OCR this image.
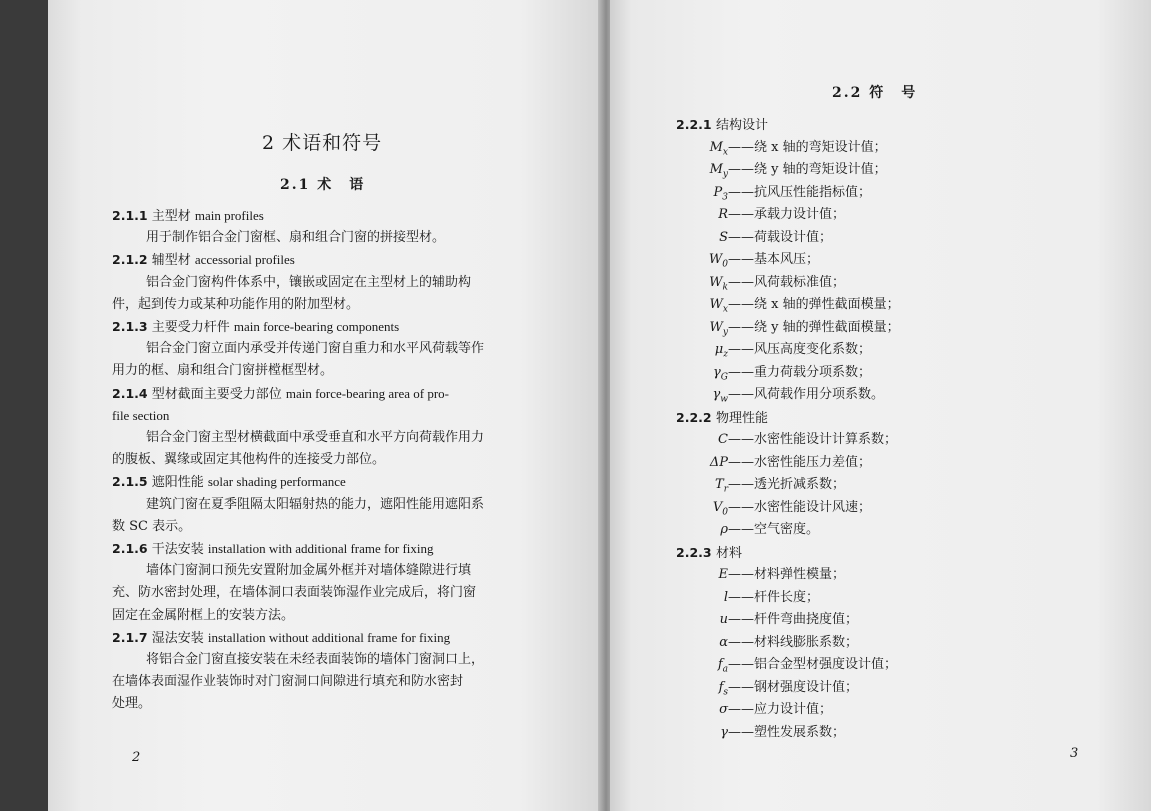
2 术语和符号
2.1 术　语
2.1.1 主型材 main profiles
用于制作铝合金门窗框、扇和组合门窗的拼接型材。
2.1.2 辅型材 accessorial profiles
铝合金门窗构件体系中，镶嵌或固定在主型材上的辅助构
件，起到传力或某种功能作用的附加型材。
2.1.3 主要受力杆件 main force-bearing components
铝合金门窗立面内承受并传递门窗自重力和水平风荷载等作
用力的框、扇和组合门窗拼樘框型材。
2.1.4 型材截面主要受力部位 main force-bearing area of pro-
file section
铝合金门窗主型材横截面中承受垂直和水平方向荷载作用力
的腹板、翼缘或固定其他构件的连接受力部位。
2.1.5 遮阳性能 solar shading performance
建筑门窗在夏季阻隔太阳辐射热的能力，遮阳性能用遮阳系
数 SC 表示。
2.1.6 干法安装 installation with additional frame for fixing
墙体门窗洞口预先安置附加金属外框并对墙体缝隙进行填
充、防水密封处理，在墙体洞口表面装饰湿作业完成后，将门窗
固定在金属附框上的安装方法。
2.1.7 湿法安装 installation without additional frame for fixing
将铝合金门窗直接安装在未经表面装饰的墙体门窗洞口上，
在墙体表面湿作业装饰时对门窗洞口间隙进行填充和防水密封
处理。
2
2.2 符　号
2.2.1 结构设计
$M_x——$绕 x 轴的弯矩设计值；
$M_y——$绕 y 轴的弯矩设计值；
$P_3——$抗风压性能指标值；
R——承载力设计值；
S——荷载设计值；
$W_0——$基本风压；
$W_k——$风荷载标准值；
$W_x——$绕 x 轴的弹性截面模量；
$W_y——$绕 y 轴的弹性截面模量；
$\mu_z——$风压高度变化系数；
$\gamma_G——$重力荷载分项系数；
$\gamma_w——$风荷载作用分项系数。
2.2.2 物理性能
C——水密性能设计计算系数；
ΔP——水密性能压力差值；
$T_r——$透光折减系数；
$V_0——$水密性能设计风速；
ρ——空气密度。
2.2.3 材料
E——材料弹性模量；
l——杆件长度；
u——杆件弯曲挠度值；
α——材料线膨胀系数；
$f_a——$铝合金型材强度设计值；
$f_s——$钢材强度设计值；
σ——应力设计值；
γ——塑性发展系数；
3
